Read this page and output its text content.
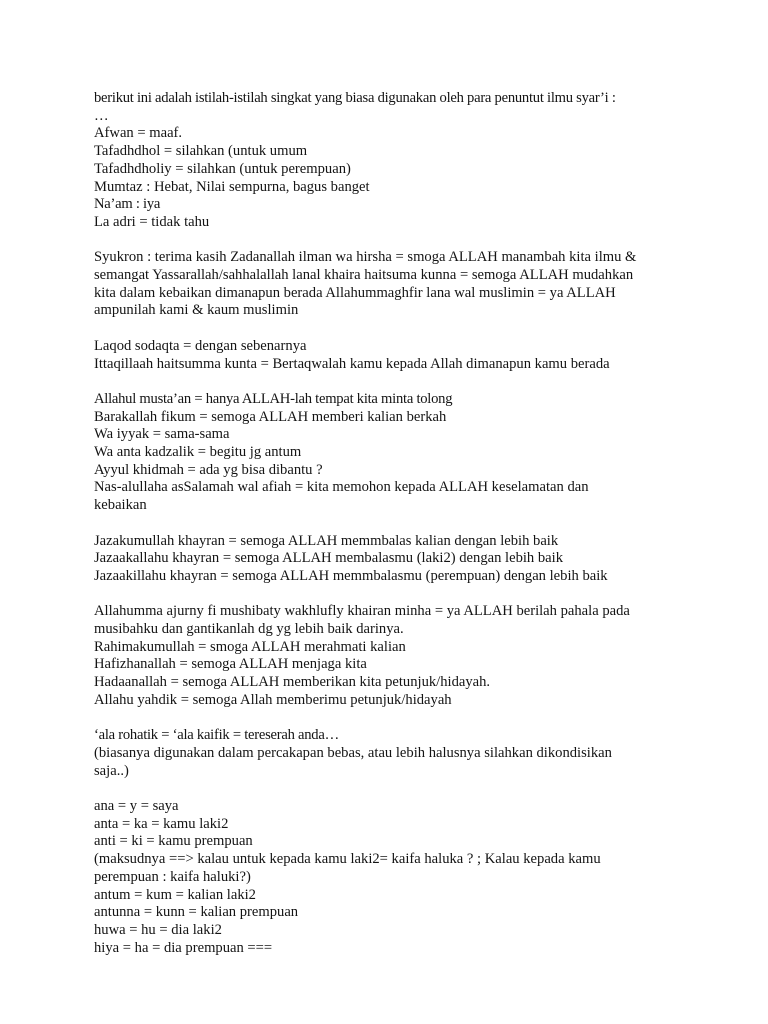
berikut ini adalah istilah-istilah singkat yang biasa digunakan oleh para penuntut ilmu syar’i :
…
Afwan = maaf.
Tafadhdhol = silahkan (untuk umum
Tafadhdholiy = silahkan (untuk perempuan)
Mumtaz : Hebat, Nilai sempurna, bagus banget
Na’am : iya
La adri = tidak tahu
Syukron : terima kasih Zadanallah ilman wa hirsha = smoga ALLAH manambah kita ilmu &
semangat Yassarallah/sahhalallah lanal khaira haitsuma kunna = semoga ALLAH mudahkan
kita dalam kebaikan dimanapun berada Allahummaghfir lana wal muslimin = ya ALLAH
ampunilah kami & kaum muslimin
Laqod sodaqta = dengan sebenarnya
Ittaqillaah haitsumma kunta = Bertaqwalah kamu kepada Allah dimanapun kamu berada
Allahul musta’an = hanya ALLAH-lah tempat kita minta tolong
Barakallah fikum = semoga ALLAH memberi kalian berkah
Wa iyyak = sama-sama
Wa anta kadzalik = begitu jg antum
Ayyul khidmah = ada yg bisa dibantu ?
Nas-alullaha asSalamah wal afiah = kita memohon kepada ALLAH keselamatan dan
kebaikan
Jazakumullah khayran = semoga ALLAH memmbalas kalian dengan lebih baik
Jazaakallahu khayran = semoga ALLAH membalasmu (laki2) dengan lebih baik
Jazaakillahu khayran = semoga ALLAH memmbalasmu (perempuan) dengan lebih baik
Allahumma ajurny fi mushibaty wakhlufly khairan minha = ya ALLAH berilah pahala pada
musibahku dan gantikanlah dg yg lebih baik darinya.
Rahimakumullah = smoga ALLAH merahmati kalian
Hafizhanallah = semoga ALLAH menjaga kita
Hadaanallah = semoga ALLAH memberikan kita petunjuk/hidayah.
Allahu yahdik = semoga Allah memberimu petunjuk/hidayah
‘ala rohatik = ‘ala kaifik = tereserah anda…
(biasanya digunakan dalam percakapan bebas, atau lebih halusnya silahkan dikondisikan
saja..)
ana = y = saya
anta = ka = kamu laki2
anti = ki = kamu prempuan
(maksudnya ==> kalau untuk kepada kamu laki2= kaifa haluka ? ; Kalau kepada kamu
perempuan : kaifa haluki?)
antum = kum = kalian laki2
antunna = kunn = kalian prempuan
huwa = hu = dia laki2
hiya = ha = dia prempuan ===
